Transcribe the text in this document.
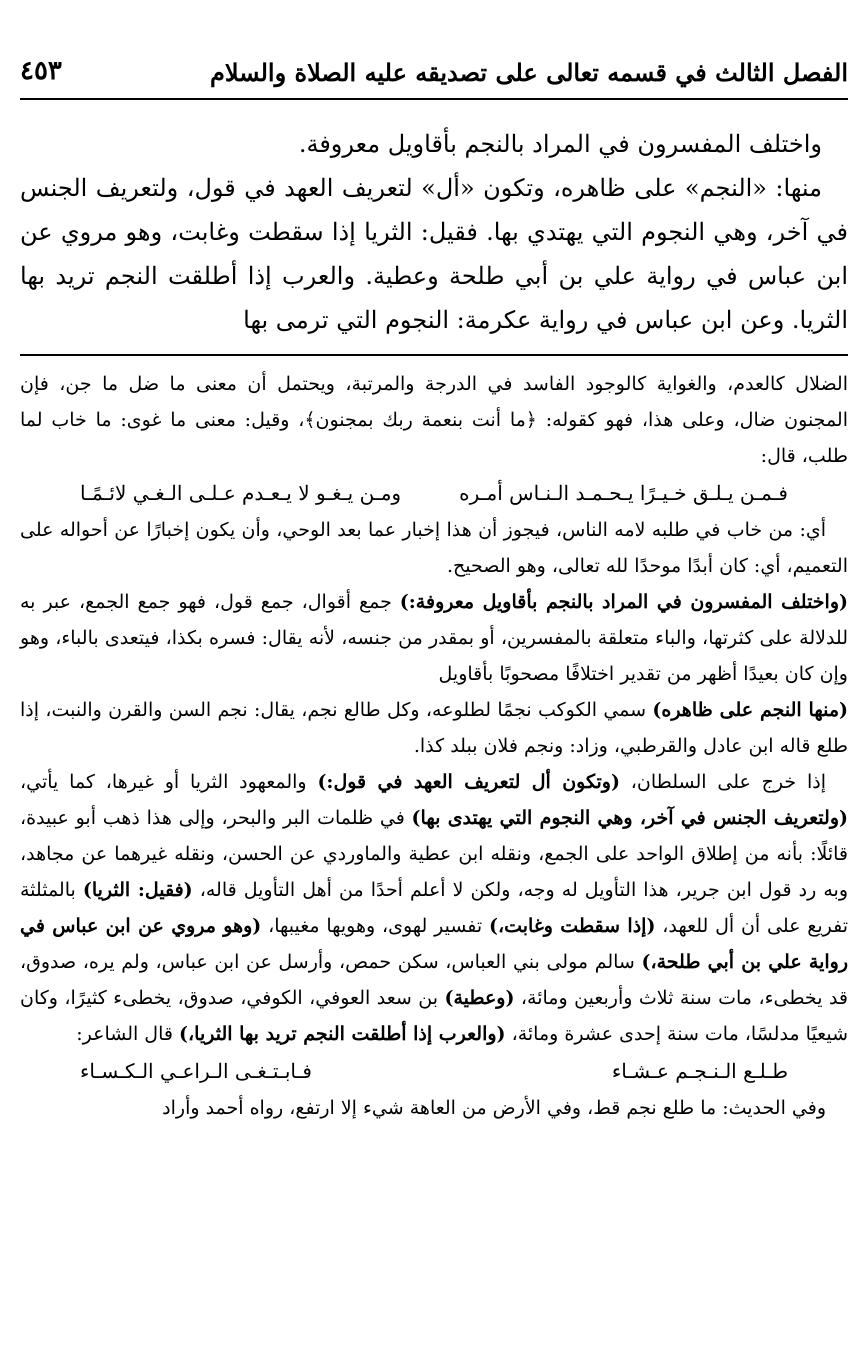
الفصل الثالث في قسمه تعالى على تصديقه عليه الصلاة والسلام
٤٥٣

واختلف المفسرون في المراد بالنجم بأقاويل معروفة.

منها: «النجم» على ظاهره، وتكون «أل» لتعريف العهد في قول، ولتعريف الجنس في آخر، وهي النجوم التي يهتدي بها. فقيل: الثريا إذا سقطت وغابت، وهو مروي عن ابن عباس في رواية علي بن أبي طلحة وعطية. والعرب إذا أطلقت النجم تريد بها الثريا. وعن ابن عباس في رواية عكرمة: النجوم التي ترمى بها

الضلال كالعدم، والغواية كالوجود الفاسد في الدرجة والمرتبة، ويحتمل أن معنى ما ضل ما جن، فإن المجنون ضال، وعلى هذا، فهو كقوله: ﴿ما أنت بنعمة ربك بمجنون﴾، وقيل: معنى ما غوى: ما خاب لما طلب، قال:

فـمـن يـلـق خـيـرًا يـحـمـد الـنـاس أمـره
ومـن يـغـو لا يـعـدم عـلـى الـغـي لائـمًـا

أي: من خاب في طلبه لامه الناس، فيجوز أن هذا إخبار عما بعد الوحي، وأن يكون إخبارًا عن أحواله على التعميم، أي: كان أبدًا موحدًا لله تعالى، وهو الصحيح.

(واختلف المفسرون في المراد بالنجم بأقاويل معروفة:) جمع أقوال، جمع قول، فهو جمع الجمع، عبر به للدلالة على كثرتها، والباء متعلقة بالمفسرين، أو بمقدر من جنسه، لأنه يقال: فسره بكذا، فيتعدى بالباء، وهو وإن كان بعيدًا أظهر من تقدير اختلافًا مصحوبًا بأقاويل

(منها النجم على ظاهره) سمي الكوكب نجمًا لطلوعه، وكل طالع نجم، يقال: نجم السن والقرن والنبت، إذا طلع قاله ابن عادل والقرطبي، وزاد: ونجم فلان ببلد كذا.

إذا خرج على السلطان، (وتكون أل لتعريف العهد في قول:) والمعهود الثريا أو غيرها، كما يأتي، (ولتعريف الجنس في آخر، وهي النجوم التي يهتدى بها) في ظلمات البر والبحر، وإلى هذا ذهب أبو عبيدة، قائلًا: بأنه من إطلاق الواحد على الجمع، ونقله ابن عطية والماوردي عن الحسن، ونقله غيرهما عن مجاهد، وبه رد قول ابن جرير، هذا التأويل له وجه، ولكن لا أعلم أحدًا من أهل التأويل قاله، (فقيل: الثريا) بالمثلثة تفريع على أن أل للعهد، (إذا سقطت وغابت،) تفسير لهوى، وهويها مغيبها، (وهو مروي عن ابن عباس في رواية علي بن أبي طلحة،) سالم مولى بني العباس، سكن حمص، وأرسل عن ابن عباس، ولم يره، صدوق، قد يخطىء، مات سنة ثلاث وأربعين ومائة، (وعطية) بن سعد العوفي، الكوفي، صدوق، يخطىء كثيرًا، وكان شيعيًا مدلسًا، مات سنة إحدى عشرة ومائة، (والعرب إذا أطلقت النجم تريد بها الثريا،) قال الشاعر:

طـلـع الـنـجـم عـشـاء
فـابـتـغـى الـراعـي الـكـسـاء

وفي الحديث: ما طلع نجم قط، وفي الأرض من العاهة شيء إلا ارتفع، رواه أحمد وأراد
